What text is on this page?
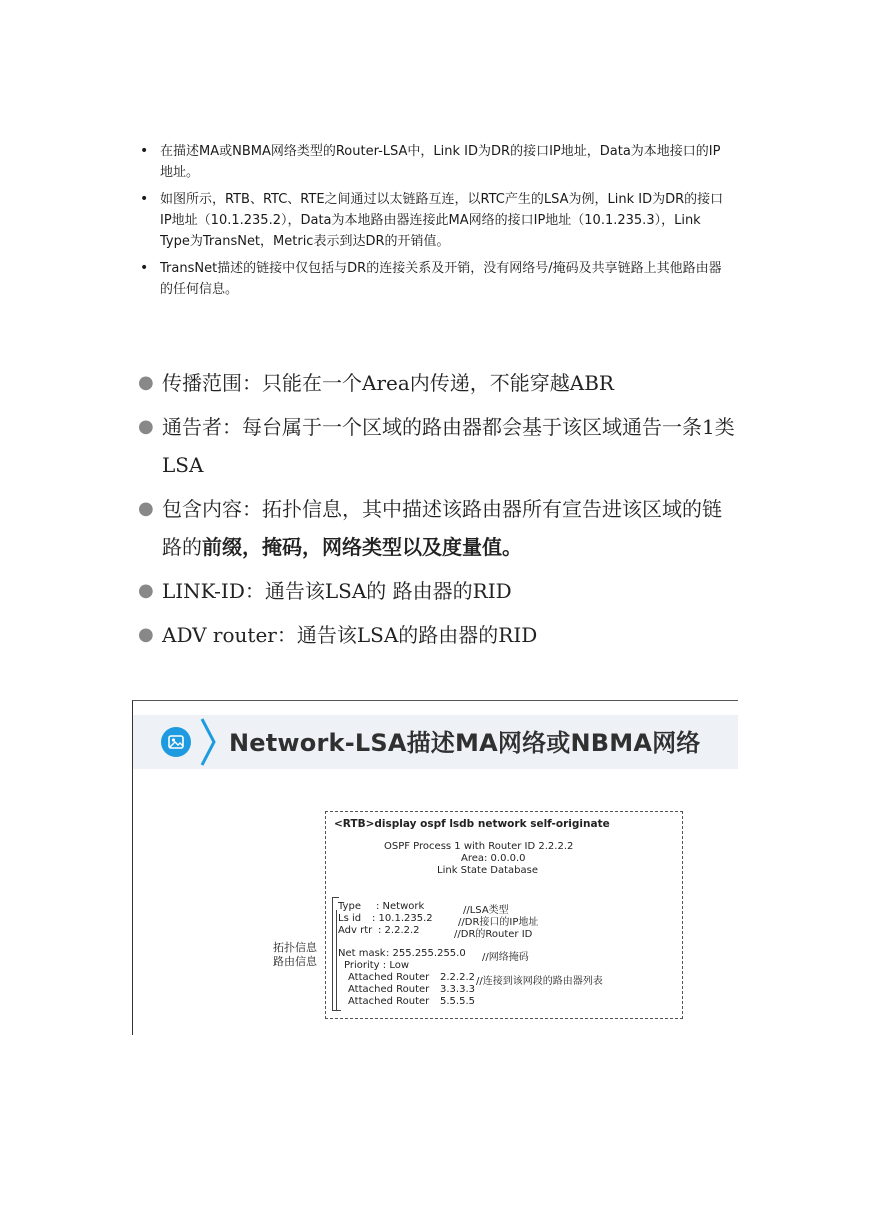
• 在描述MA或NBMA网络类型的Router-LSA中，Link ID为DR的接口IP地址，Data为本地接口的IP地址。
• 如图所示，RTB、RTC、RTE之间通过以太链路互连，以RTC产生的LSA为例，Link ID为DR的接口IP地址（10.1.235.2），Data为本地路由器连接此MA网络的接口IP地址（10.1.235.3），Link Type为TransNet，Metric表示到达DR的开销值。
• TransNet描述的链接中仅包括与DR的连接关系及开销，没有网络号/掩码及共享链路上其他路由器的任何信息。
● 传播范围：只能在一个Area内传递，不能穿越ABR
● 通告者：每台属于一个区域的路由器都会基于该区域通告一条1类LSA
● 包含内容：拓扑信息，其中描述该路由器所有宣告进该区域的链路的前缀，掩码，网络类型以及度量值。
● LINK-ID：通告该LSA的 路由器的RID
● ADV router：通告该LSA的路由器的RID
Network-LSA描述MA网络或NBMA网络
拓扑信息
路由信息
<RTB>display ospf lsdb network self-originate
OSPF Process 1 with Router ID 2.2.2.2
Area: 0.0.0.0
Link State Database
Type : Network	//LSA类型
Ls id : 10.1.235.2	//DR接口的IP地址
Adv rtr : 2.2.2.2	//DR的Router ID
Net mask : 255.255.255.0 //网络掩码
Priority : Low
Attached Router 2.2.2.2 //连接到该网段的路由器列表
Attached Router 3.3.3.3
Attached Router 5.5.5.5
